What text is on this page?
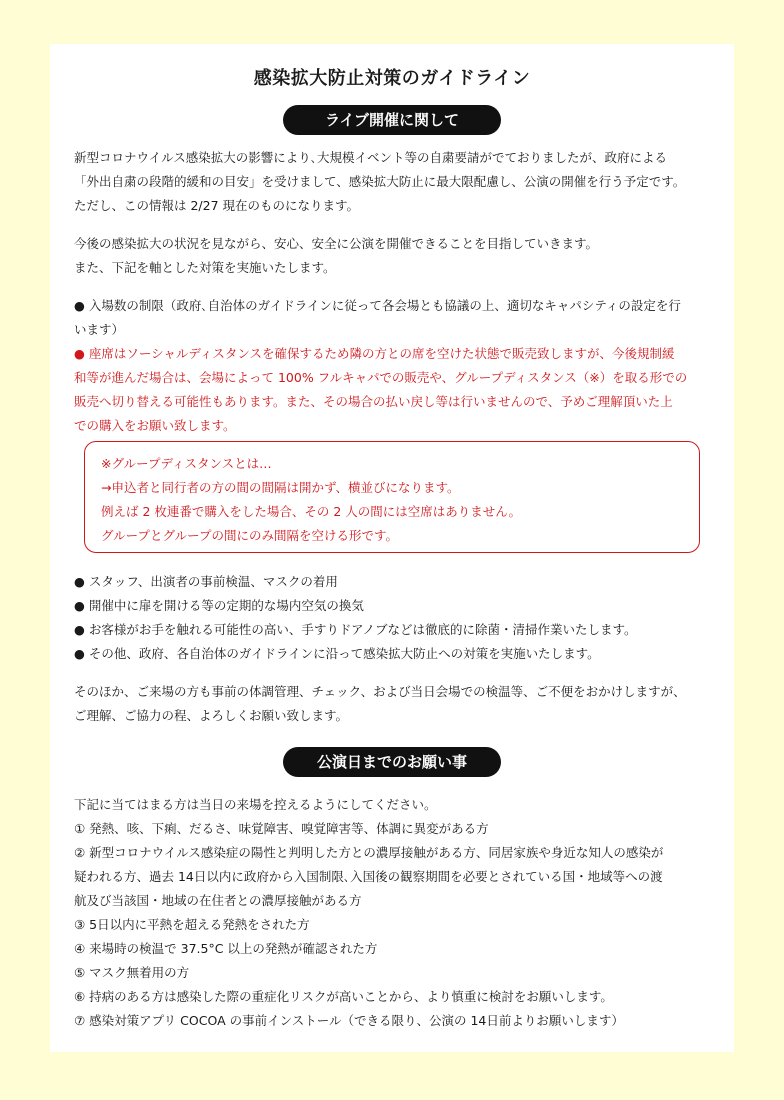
感染拡大防止対策のガイドライン
ライブ開催に関して

新型コロナウイルス感染拡大の影響により､大規模イベント等の自粛要請がでておりましたが、政府による

「外出自粛の段階的緩和の目安」を受けまして、感染拡大防止に最大限配慮し、公演の開催を行う予定です。

ただし、この情報は 2/27 現在のものになります。

今後の感染拡大の状況を見ながら、安心、安全に公演を開催できることを目指していきます。

また、下記を軸とした対策を実施いたします。

● 入場数の制限（政府､自治体のガイドラインに従って各会場とも協議の上、適切なキャパシティの設定を行

います）

● 座席はソーシャルディスタンスを確保するため隣の方との席を空けた状態で販売致しますが、今後規制緩

和等が進んだ場合は、会場によって 100% フルキャパでの販売や、グループディスタンス（※）を取る形での

販売へ切り替える可能性もあります。また、その場合の払い戻し等は行いませんので、予めご理解頂いた上

での購入をお願い致します。

※グループディスタンスとは…

→申込者と同行者の方の間の間隔は開かず、横並びになります。

例えば 2 枚連番で購入をした場合、その 2 人の間には空席はありません。

グループとグループの間にのみ間隔を空ける形です。

● スタッフ、出演者の事前検温、マスクの着用

● 開催中に扉を開ける等の定期的な場内空気の換気

● お客様がお手を触れる可能性の高い、手すりドアノブなどは徹底的に除菌・清掃作業いたします。

● その他、政府、各自治体のガイドラインに沿って感染拡大防止への対策を実施いたします。

そのほか、ご来場の方も事前の体調管理、チェック、および当日会場での検温等、ご不便をおかけしますが、

ご理解、ご協力の程、よろしくお願い致します。

公演日までのお願い事

下記に当てはまる方は当日の来場を控えるようにしてください。

① 発熱、咳、下痢、だるさ、味覚障害、嗅覚障害等、体調に異変がある方

② 新型コロナウイルス感染症の陽性と判明した方との濃厚接触がある方、同居家族や身近な知人の感染が

疑われる方、過去 14日以内に政府から入国制限､入国後の観察期間を必要とされている国・地域等への渡

航及び当該国・地域の在住者との濃厚接触がある方

③ 5日以内に平熱を超える発熱をされた方

④ 来場時の検温で 37.5°C 以上の発熱が確認された方

⑤ マスク無着用の方

⑥ 持病のある方は感染した際の重症化リスクが高いことから、より慎重に検討をお願いします。

⑦ 感染対策アプリ COCOA の事前インストール（できる限り、公演の 14日前よりお願いします）
